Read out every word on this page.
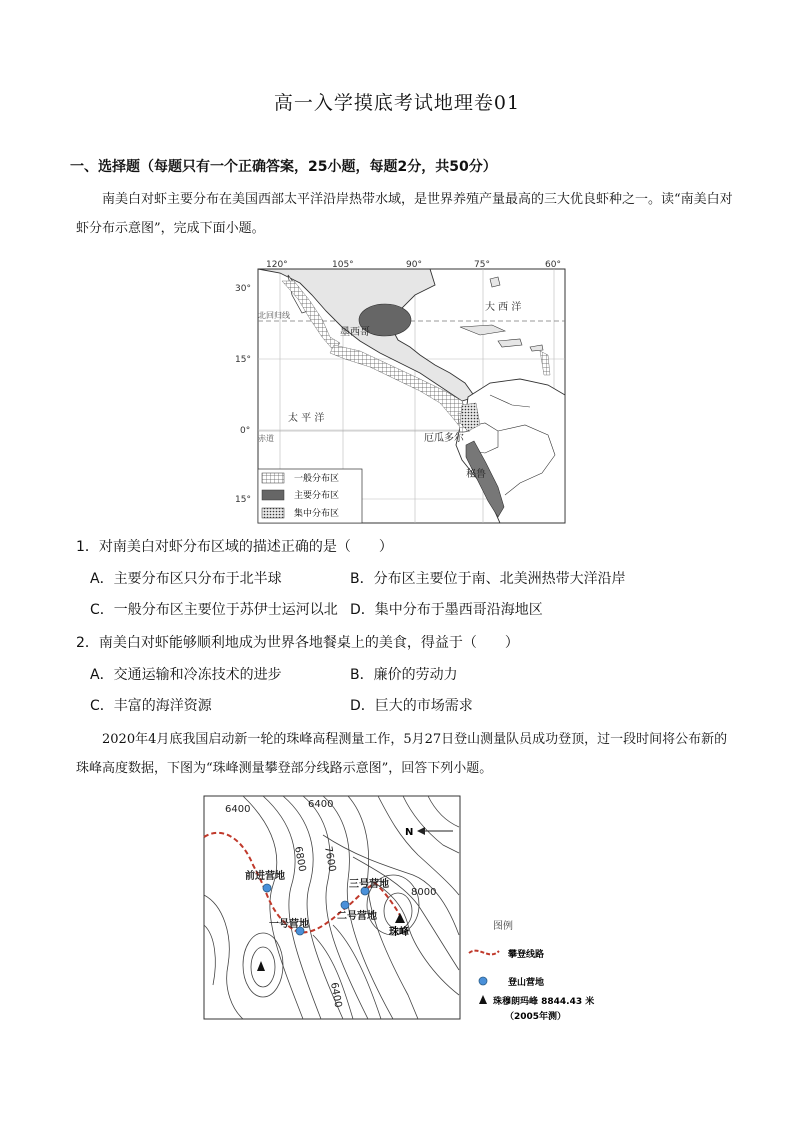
高一入学摸底考试地理卷01
一、选择题（每题只有一个正确答案，25小题，每题2分，共50分）
南美白对虾主要分布在美国西部太平洋沿岸热带水域，是世界养殖产量最高的三大优良虾种之一。读“南美白对虾分布示意图”，完成下面小题。
120°	105°	90°	75°	60°
30°
15°
0°
15°
北回归线
赤道
大 西 洋
太 平 洋
墨西哥
厄瓜多尔
秘鲁
一般分布区
主要分布区
集中分布区
1．对南美白对虾分布区域的描述正确的是（　　）
A．主要分布区只分布于北半球	B．分布区主要位于南、北美洲热带大洋沿岸
C．一般分布区主要位于苏伊士运河以北 D．集中分布于墨西哥沿海地区
2．南美白对虾能够顺利地成为世界各地餐桌上的美食，得益于（　　）
A．交通运输和冷冻技术的进步	B．廉价的劳动力
C．丰富的海洋资源	D．巨大的市场需求
2020年4月底我国启动新一轮的珠峰高程测量工作，5月27日登山测量队员成功登顶，过一段时间将公布新的珠峰高度数据，下图为“珠峰测量攀登部分线路示意图”，回答下列小题。
6400	6400
6800 7600
8000
6400
N
前进营地
一号营地
二号营地
三号营地
珠峰
图例
攀登线路
登山营地
珠穆朗玛峰 8844.43 米
（2005年测）
